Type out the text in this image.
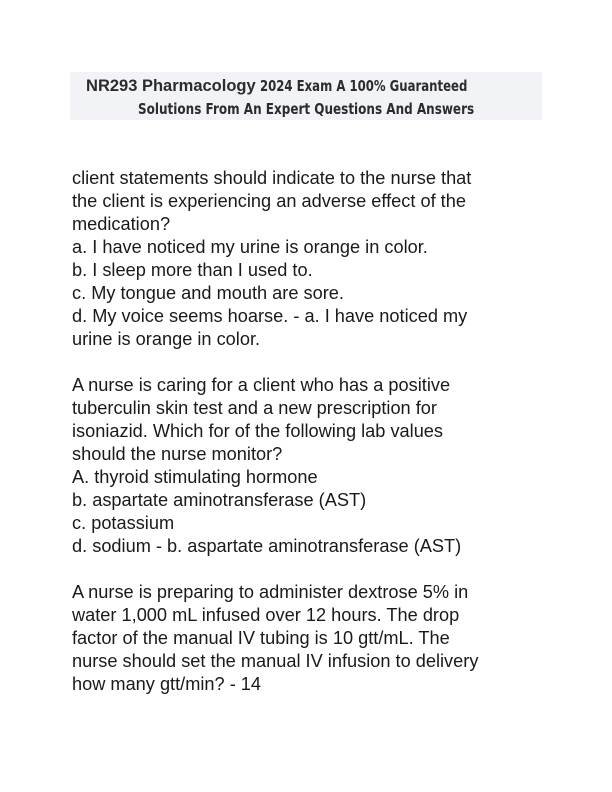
NR293 Pharmacology 2024 Exam A 100% Guaranteed
Solutions From An Expert Questions And Answers

client statements should indicate to the nurse that

the client is experiencing an adverse effect of the

medication?

a. I have noticed my urine is orange in color.

b. I sleep more than I used to.

c. My tongue and mouth are sore.

d. My voice seems hoarse. - a. I have noticed my

urine is orange in color.

A nurse is caring for a client who has a positive

tuberculin skin test and a new prescription for

isoniazid. Which for of the following lab values

should the nurse monitor?

A. thyroid stimulating hormone

b. aspartate aminotransferase (AST)

c. potassium

d. sodium - b. aspartate aminotransferase (AST)

A nurse is preparing to administer dextrose 5% in

water 1,000 mL infused over 12 hours. The drop

factor of the manual IV tubing is 10 gtt/mL. The

nurse should set the manual IV infusion to delivery

how many gtt/min? - 14
